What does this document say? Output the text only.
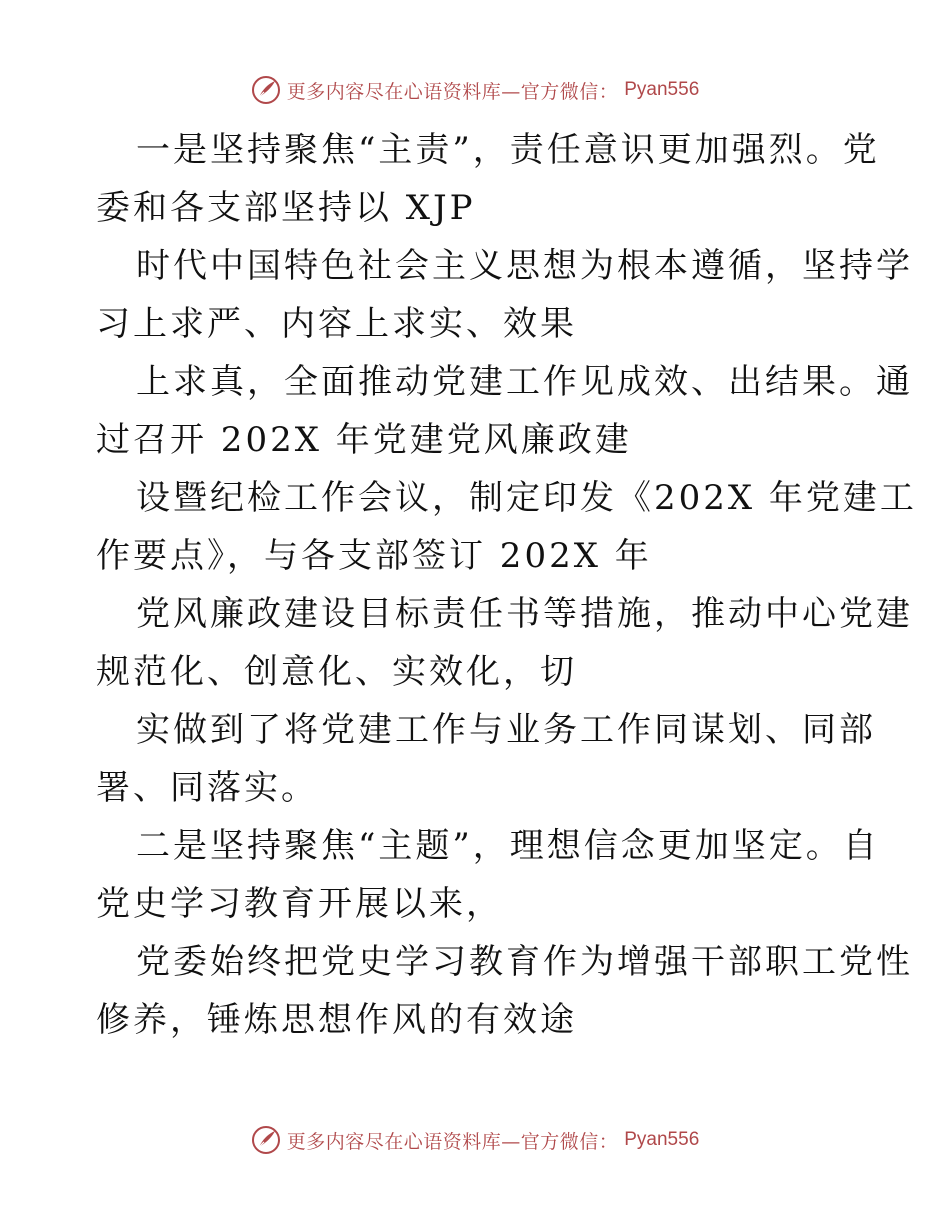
更多内容尽在心语资料库—官方微信： Pyan556
一是坚持聚焦“主责”，责任意识更加强烈。党
委和各支部坚持以 XJP
时代中国特色社会主义思想为根本遵循，坚持学
习上求严、内容上求实、效果
上求真，全面推动党建工作见成效、出结果。通
过召开 202X 年党建党风廉政建
设暨纪检工作会议，制定印发《202X 年党建工
作要点》，与各支部签订 202X 年
党风廉政建设目标责任书等措施，推动中心党建
规范化、创意化、实效化，切
实做到了将党建工作与业务工作同谋划、同部
署、同落实。
二是坚持聚焦“主题”，理想信念更加坚定。自
党史学习教育开展以来，
党委始终把党史学习教育作为增强干部职工党性
修养，锤炼思想作风的有效途
更多内容尽在心语资料库—官方微信： Pyan556
